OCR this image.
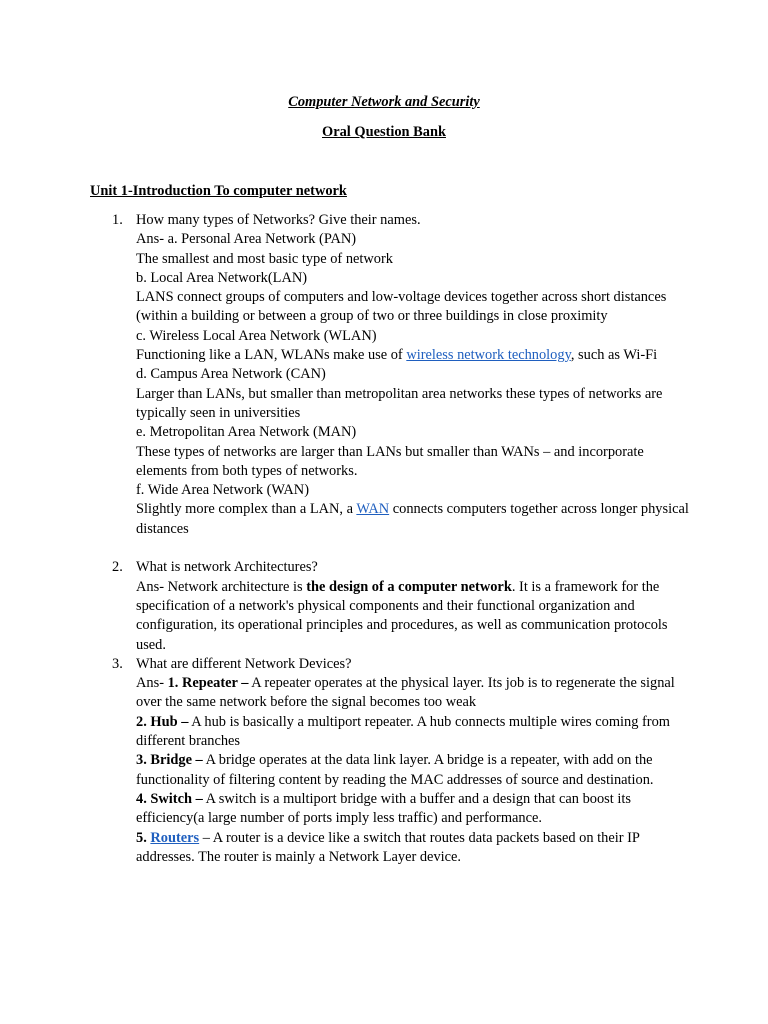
Computer Network and Security
Oral Question Bank
Unit 1-Introduction To computer network
1. How many types of Networks? Give their names.

Ans- a. Personal Area Network (PAN)

The smallest and most basic type of network

b. Local Area Network(LAN)

LANS connect groups of computers and low-voltage devices together across short distances (within a building or between a group of two or three buildings in close proximity

c. Wireless Local Area Network (WLAN)

Functioning like a LAN, WLANs make use of wireless network technology, such as Wi-Fi

d. Campus Area Network (CAN)

Larger than LANs, but smaller than metropolitan area networks these types of networks are typically seen in universities

e. Metropolitan Area Network (MAN)

These types of networks are larger than LANs but smaller than WANs – and incorporate elements from both types of networks.

f. Wide Area Network (WAN)

Slightly more complex than a LAN, a WAN connects computers together across longer physical distances

2. What is network Architectures?

Ans- Network architecture is the design of a computer network. It is a framework for the specification of a network's physical components and their functional organization and configuration, its operational principles and procedures, as well as communication protocols used.

3. What are different Network Devices?

Ans- 1. Repeater – A repeater operates at the physical layer. Its job is to regenerate the signal over the same network before the signal becomes too weak

2. Hub – A hub is basically a multiport repeater. A hub connects multiple wires coming from different branches

3. Bridge – A bridge operates at the data link layer. A bridge is a repeater, with add on the functionality of filtering content by reading the MAC addresses of source and destination.

4. Switch – A switch is a multiport bridge with a buffer and a design that can boost its efficiency(a large number of ports imply less traffic) and performance.

5. Routers – A router is a device like a switch that routes data packets based on their IP addresses. The router is mainly a Network Layer device.
